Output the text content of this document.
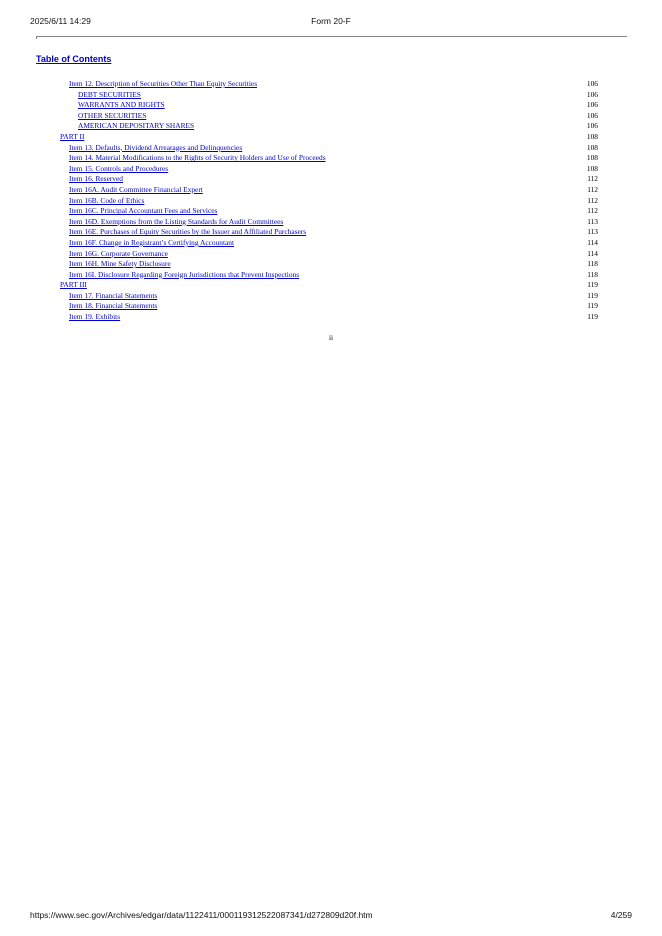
2025/6/11 14:29	Form 20-F
Table of Contents
Item 12. Description of Securities Other Than Equity Securities	106
DEBT SECURITIES	106
WARRANTS AND RIGHTS	106
OTHER SECURITIES	106
AMERICAN DEPOSITARY SHARES	106
PART II	108
Item 13. Defaults, Dividend Arrearages and Delinquencies	108
Item 14. Material Modifications to the Rights of Security Holders and Use of Proceeds	108
Item 15. Controls and Procedures	108
Item 16. Reserved	112
Item 16A. Audit Committee Financial Expert	112
Item 16B. Code of Ethics	112
Item 16C. Principal Accountant Fees and Services	112
Item 16D. Exemptions from the Listing Standards for Audit Committees	113
Item 16E. Purchases of Equity Securities by the Issuer and Affiliated Purchasers	113
Item 16F. Change in Registrant’s Certifying Accountant	114
Item 16G. Corporate Governance	114
Item 16H. Mine Safety Disclosure	118
Item 16I. Disclosure Regarding Foreign Jurisdictions that Prevent Inspections	118
PART III	119
Item 17. Financial Statements	119
Item 18. Financial Statements	119
Item 19. Exhibits	119
ii
https://www.sec.gov/Archives/edgar/data/1122411/000119312522087341/d272809d20f.htm	4/259
